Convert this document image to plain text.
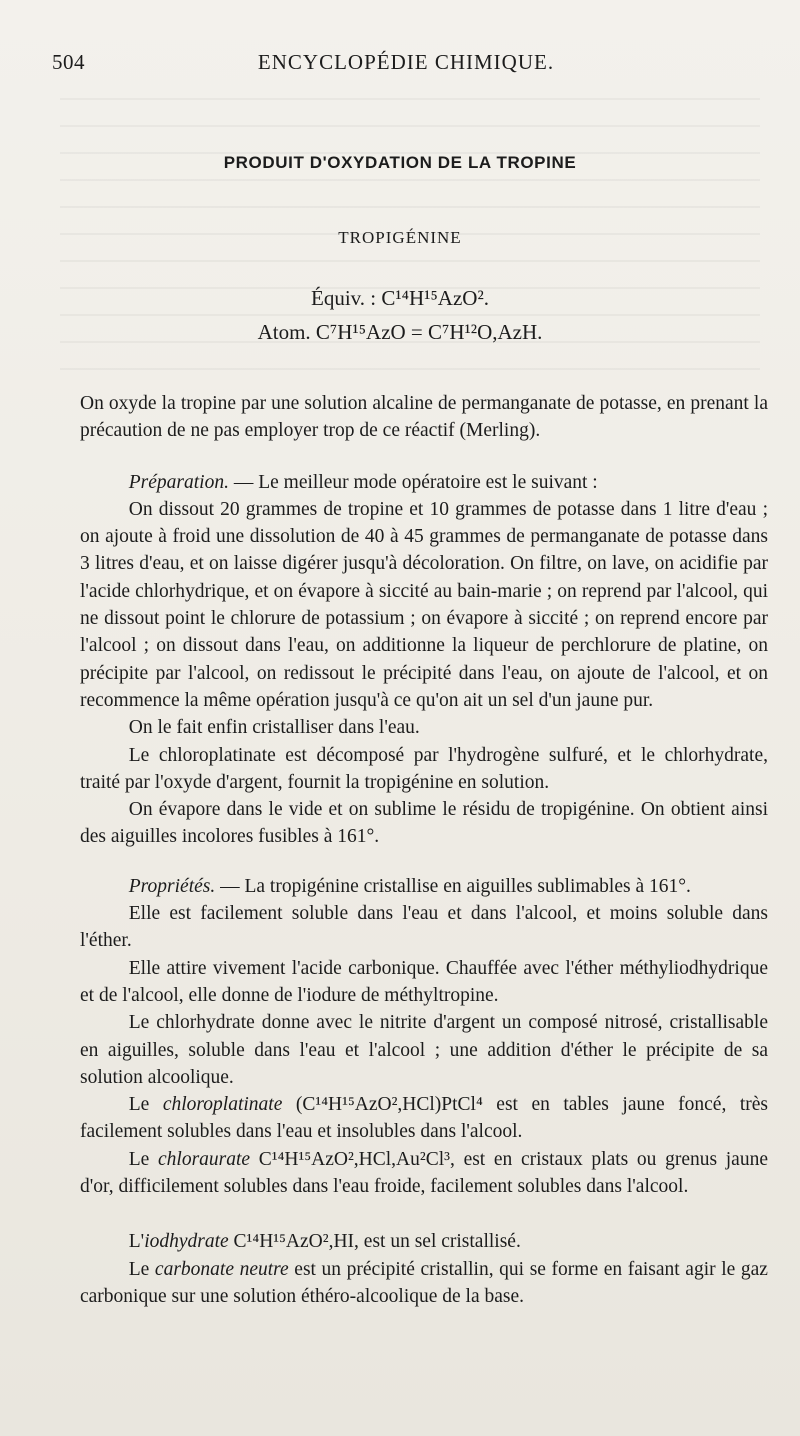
504	ENCYCLOPÉDIE CHIMIQUE.
PRODUIT D'OXYDATION DE LA TROPINE
TROPIGÉNINE
Équiv. : C¹⁴H¹⁵AzO².
Atom. C⁷H¹⁵AzO = C⁷H¹²O,AzH.

On oxyde la tropine par une solution alcaline de permanganate de potasse, en prenant la précaution de ne pas employer trop de ce réactif (Merling).

Préparation. — Le meilleur mode opératoire est le suivant :

On dissout 20 grammes de tropine et 10 grammes de potasse dans 1 litre d'eau ; on ajoute à froid une dissolution de 40 à 45 grammes de permanganate de potasse dans 3 litres d'eau, et on laisse digérer jusqu'à décoloration. On filtre, on lave, on acidifie par l'acide chlorhydrique, et on évapore à siccité au bain-marie ; on reprend par l'alcool, qui ne dissout point le chlorure de potassium ; on évapore à siccité ; on reprend encore par l'alcool ; on dissout dans l'eau, on additionne la liqueur de perchlorure de platine, on précipite par l'alcool, on redissout le précipité dans l'eau, on ajoute de l'alcool, et on recommence la même opération jusqu'à ce qu'on ait un sel d'un jaune pur.

On le fait enfin cristalliser dans l'eau.

Le chloroplatinate est décomposé par l'hydrogène sulfuré, et le chlorhydrate, traité par l'oxyde d'argent, fournit la tropigénine en solution.

On évapore dans le vide et on sublime le résidu de tropigénine. On obtient ainsi des aiguilles incolores fusibles à 161°.

Propriétés. — La tropigénine cristallise en aiguilles sublimables à 161°.

Elle est facilement soluble dans l'eau et dans l'alcool, et moins soluble dans l'éther.

Elle attire vivement l'acide carbonique. Chauffée avec l'éther méthyliodhydrique et de l'alcool, elle donne de l'iodure de méthyltropine.

Le chlorhydrate donne avec le nitrite d'argent un composé nitrosé, cristallisable en aiguilles, soluble dans l'eau et l'alcool ; une addition d'éther le précipite de sa solution alcoolique.

Le chloroplatinate (C¹⁴H¹⁵AzO²,HCl)PtCl⁴ est en tables jaune foncé, très facilement solubles dans l'eau et insolubles dans l'alcool.

Le chloraurate C¹⁴H¹⁵AzO²,HCl,Au²Cl³, est en cristaux plats ou grenus jaune d'or, difficilement solubles dans l'eau froide, facilement solubles dans l'alcool.

L'iodhydrate C¹⁴H¹⁵AzO²,HI, est un sel cristallisé.

Le carbonate neutre est un précipité cristallin, qui se forme en faisant agir le gaz carbonique sur une solution éthéro-alcoolique de la base.
